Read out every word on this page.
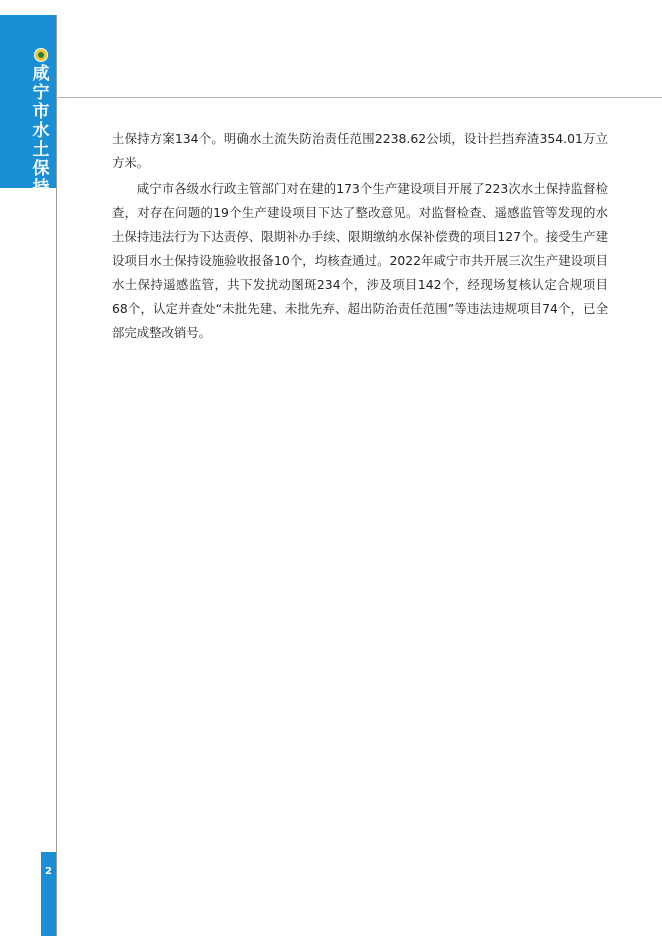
咸宁市水土保持公报

土保持方案134个。明确水土流失防治责任范围2238.62公顷，设计拦挡弃渣354.01万立方米。

咸宁市各级水行政主管部门对在建的173个生产建设项目开展了223次水土保持监督检查，对存在问题的19个生产建设项目下达了整改意见。对监督检查、遥感监管等发现的水土保持违法行为下达责停、限期补办手续、限期缴纳水保补偿费的项目127个。接受生产建设项目水土保持设施验收报备10个，均核查通过。2022年咸宁市共开展三次生产建设项目水土保持遥感监管，共下发扰动图斑234个，涉及项目142个，经现场复核认定合规项目68个，认定并查处“未批先建、未批先弃、超出防治责任范围”等违法违规项目74个，已全部完成整改销号。

2
